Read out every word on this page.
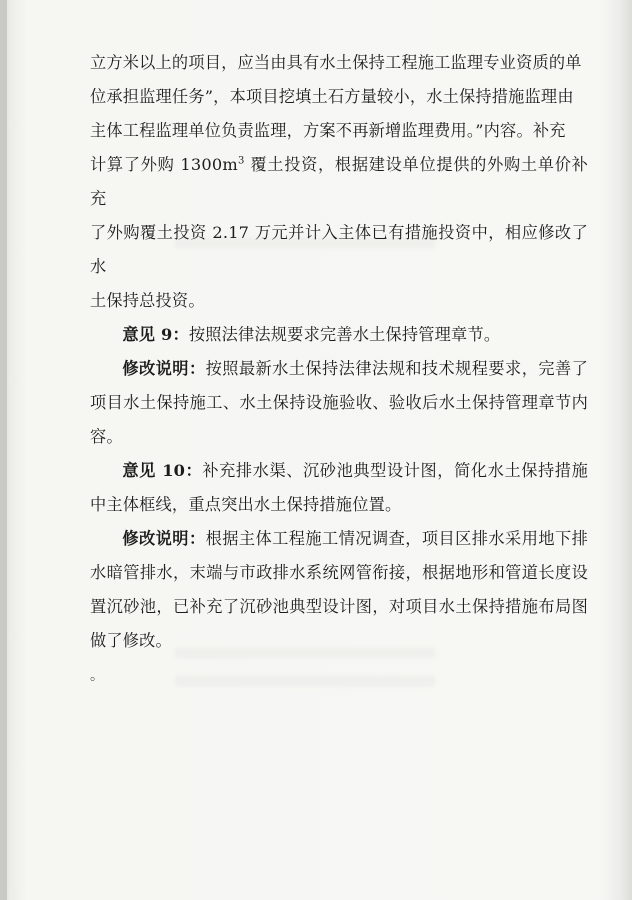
立方米以上的项目，应当由具有水土保持工程施工监理专业资质的单
位承担监理任务”，本项目挖填土石方量较小，水土保持措施监理由
主体工程监理单位负责监理，方案不再新增监理费用。”内容。补充
计算了外购 $1300m^3$ 覆土投资，根据建设单位提供的外购土单价补充
了外购覆土投资 2.17 万元并计入主体已有措施投资中，相应修改了水
土保持总投资。

意见 9：按照法律法规要求完善水土保持管理章节。

修改说明：按照最新水土保持法律法规和技术规程要求，完善了项目水土保持施工、水土保持设施验收、验收后水土保持管理章节内容。

意见 10：补充排水渠、沉砂池典型设计图，简化水土保持措施中主体框线，重点突出水土保持措施位置。

修改说明：根据主体工程施工情况调查，项目区排水采用地下排水暗管排水，末端与市政排水系统网管衔接，根据地形和管道长度设置沉砂池，已补充了沉砂池典型设计图，对项目水土保持措施布局图做了修改。

。
